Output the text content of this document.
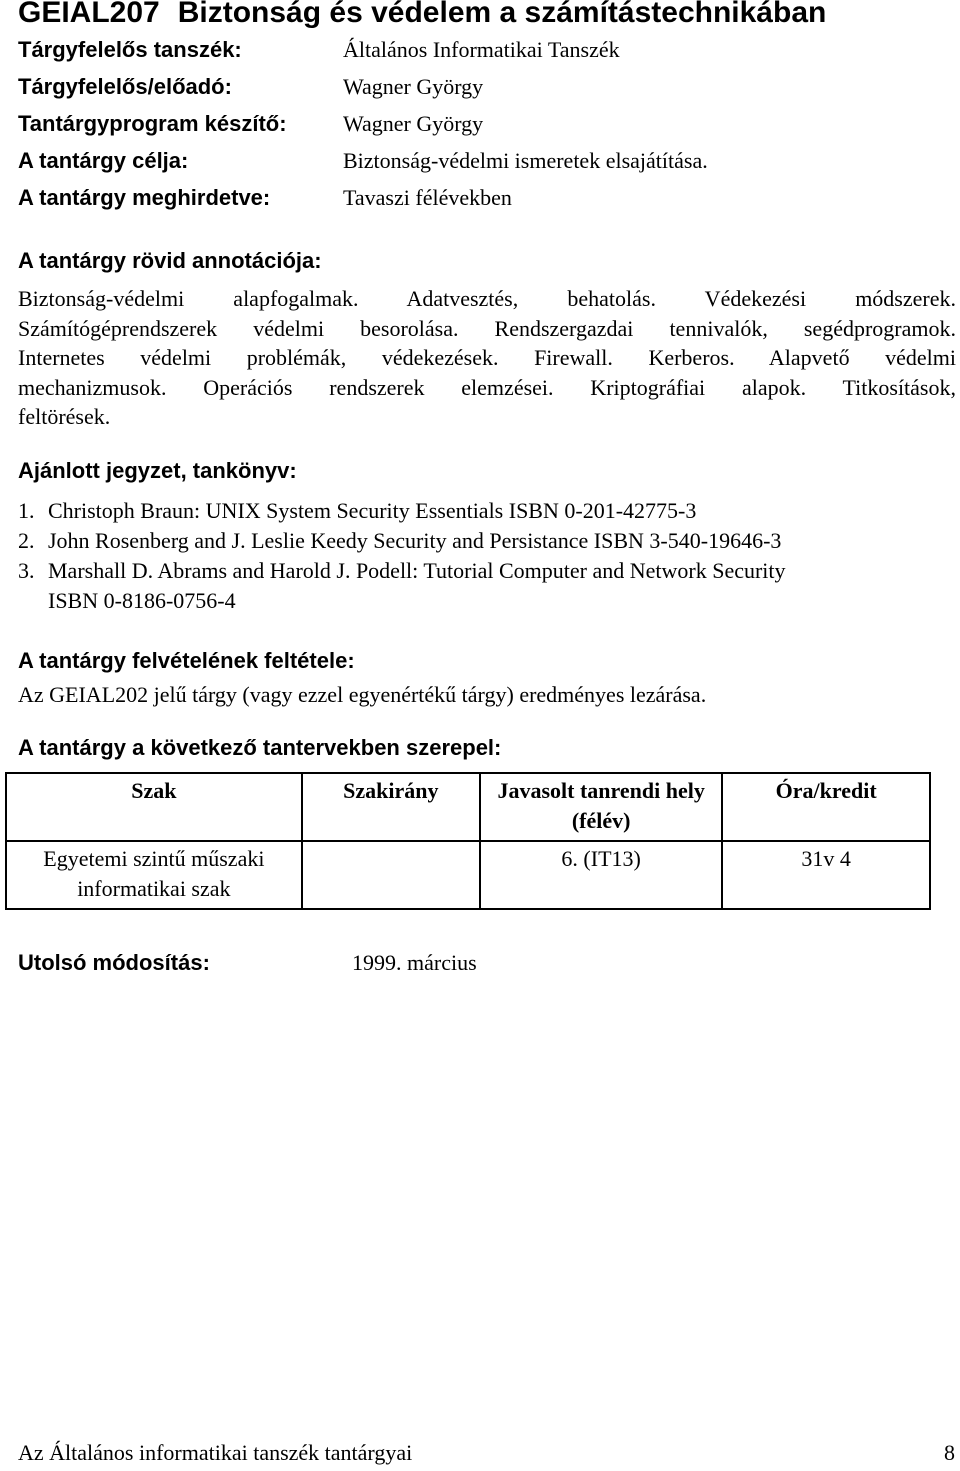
GEIAL207 Biztonság és védelem a számítástechnikában
Tárgyfelelős tanszék:	Általános Informatikai Tanszék
Tárgyfelelős/előadó:	Wagner György
Tantárgyprogram készítő:	Wagner György
A tantárgy célja:	Biztonság-védelmi ismeretek elsajátítása.
A tantárgy meghirdetve:	Tavaszi félévekben
A tantárgy rövid annotációja:
Biztonság-védelmi alapfogalmak. Adatvesztés, behatolás. Védekezési módszerek.
Számítógéprendszerek védelmi besorolása. Rendszergazdai tennivalók, segédprogramok.
Internetes védelmi problémák, védekezések. Firewall. Kerberos. Alapvető védelmi
mechanizmusok. Operációs rendszerek elemzései. Kriptográfiai alapok. Titkosítások,
feltörések.
Ajánlott jegyzet, tankönyv:
1. Christoph Braun: UNIX System Security Essentials ISBN 0-201-42775-3
2. John Rosenberg and J. Leslie Keedy Security and Persistance ISBN 3-540-19646-3
3. Marshall D. Abrams and Harold J. Podell: Tutorial Computer and Network Security
ISBN 0-8186-0756-4
A tantárgy felvételének feltétele:
Az GEIAL202 jelű tárgy (vagy ezzel egyenértékű tárgy) eredményes lezárása.
A tantárgy a következő tantervekben szerepel:
Szak	Szakirány	Javasolt tanrendi hely (félév)	Óra/kredit
Egyetemi szintű műszaki informatikai szak		6. (IT13)	31v 4
Utolsó módosítás:	1999. március
Az Általános informatikai tanszék tantárgyai	8
